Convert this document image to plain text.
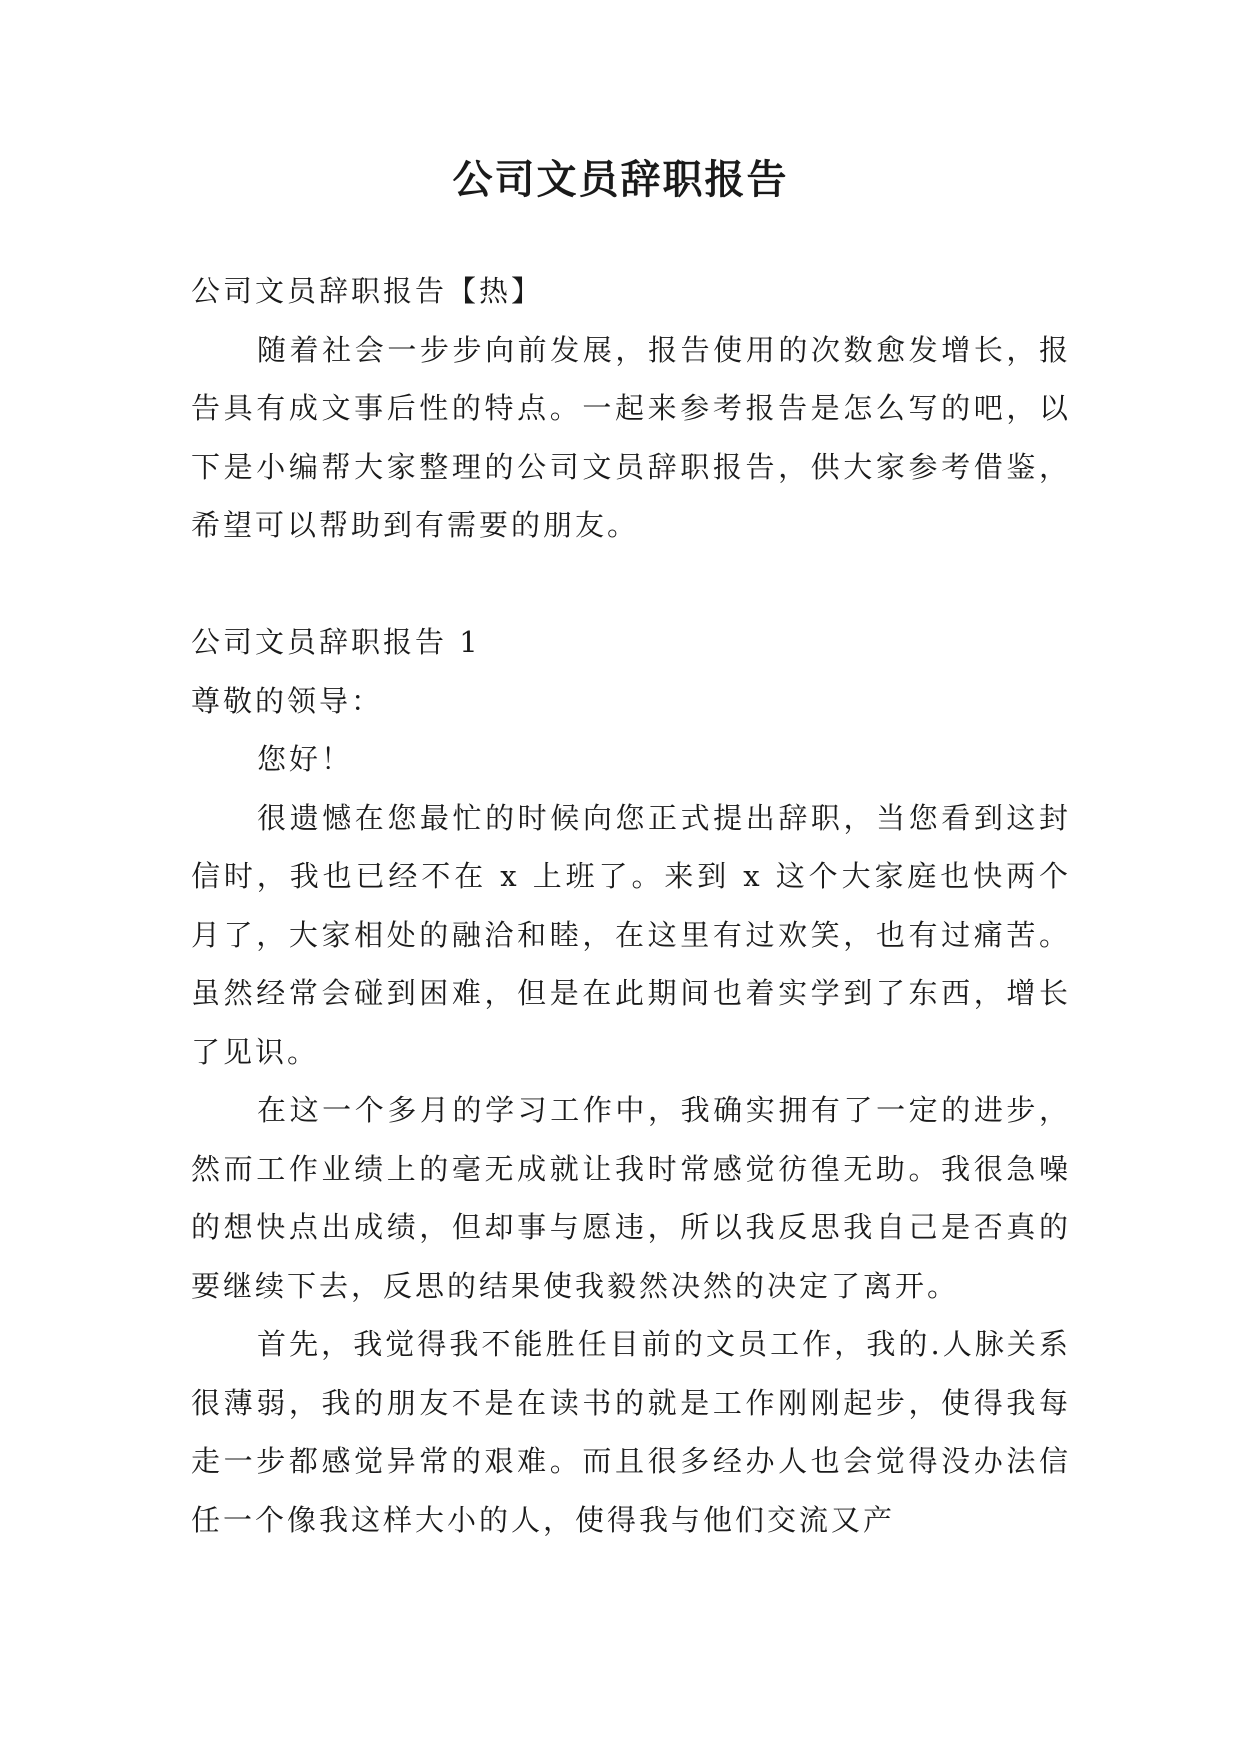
公司文员辞职报告

公司文员辞职报告【热】

随着社会一步步向前发展，报告使用的次数愈发增长，报告具有成文事后性的特点。一起来参考报告是怎么写的吧，以下是小编帮大家整理的公司文员辞职报告，供大家参考借鉴，希望可以帮助到有需要的朋友。

公司文员辞职报告 1

尊敬的领导：

您好！

很遗憾在您最忙的时候向您正式提出辞职，当您看到这封信时，我也已经不在 x 上班了。来到 x 这个大家庭也快两个月了，大家相处的融洽和睦，在这里有过欢笑，也有过痛苦。虽然经常会碰到困难，但是在此期间也着实学到了东西，增长了见识。

在这一个多月的学习工作中，我确实拥有了一定的进步，然而工作业绩上的毫无成就让我时常感觉彷徨无助。我很急噪的想快点出成绩，但却事与愿违，所以我反思我自己是否真的要继续下去，反思的结果使我毅然决然的决定了离开。

首先，我觉得我不能胜任目前的文员工作，我的.人脉关系很薄弱，我的朋友不是在读书的就是工作刚刚起步，使得我每走一步都感觉异常的艰难。而且很多经办人也会觉得没办法信任一个像我这样大小的人，使得我与他们交流又产
